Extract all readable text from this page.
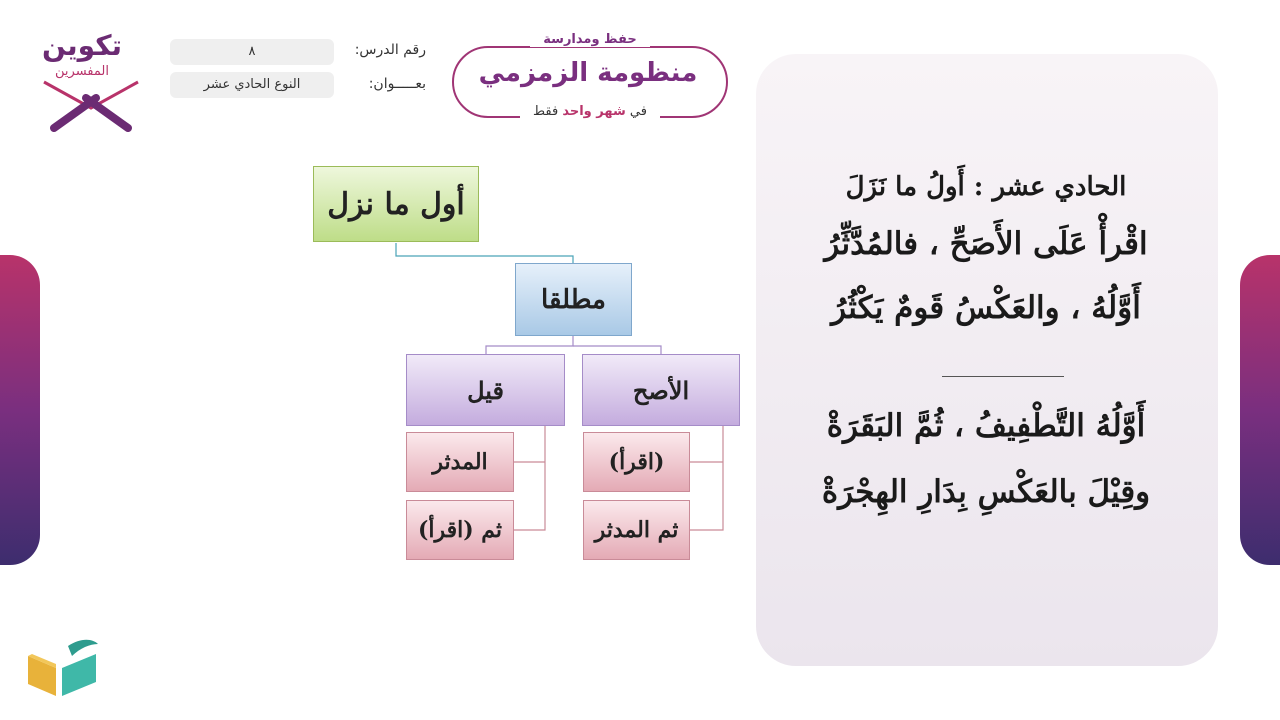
تكوين
المفسرين
رقم الدرس:
٨
بعـــــوان:
النوع الحادي عشر
حفظ ومدارسة
منظومة الزمزمي
في شهر واحد فقط
أول ما نزل
مطلقا
الأصح
قيل
(اقرأ)
ثم المدثر
المدثر
ثم (اقرأ)
الحادي عشر : أَولُ ما نَزَلَ
اقْرأْ عَلَى الأَصَحِّ ، فالمُدَّثِّرُ
أَوَّلُهُ ، والعَكْسُ قَومٌ يَكْثُرُ
أَوَّلُهُ التَّطْفِيفُ ، ثُمَّ البَقَرَةْ
وقِيْلَ بالعَكْسِ بِدَارِ الهِجْرَةْ
